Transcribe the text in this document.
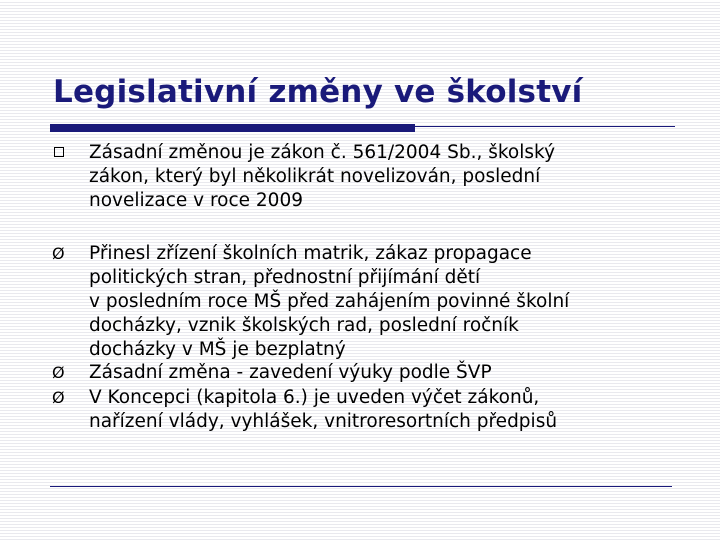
Legislativní změny ve školství
Zásadní změnou je zákon č. 561/2004 Sb., školský
zákon, který byl několikrát novelizován, poslední
novelizace v roce 2009
Ø	Přinesl zřízení školních matrik, zákaz propagace
politických stran, přednostní přijímání dětí
v posledním roce MŠ před zahájením povinné školní
docházky, vznik školských rad, poslední ročník
docházky v MŠ je bezplatný
Ø	Zásadní změna - zavedení výuky podle ŠVP
Ø	V Koncepci (kapitola 6.) je uveden výčet zákonů,
nařízení vlády, vyhlášek, vnitroresortních předpisů
